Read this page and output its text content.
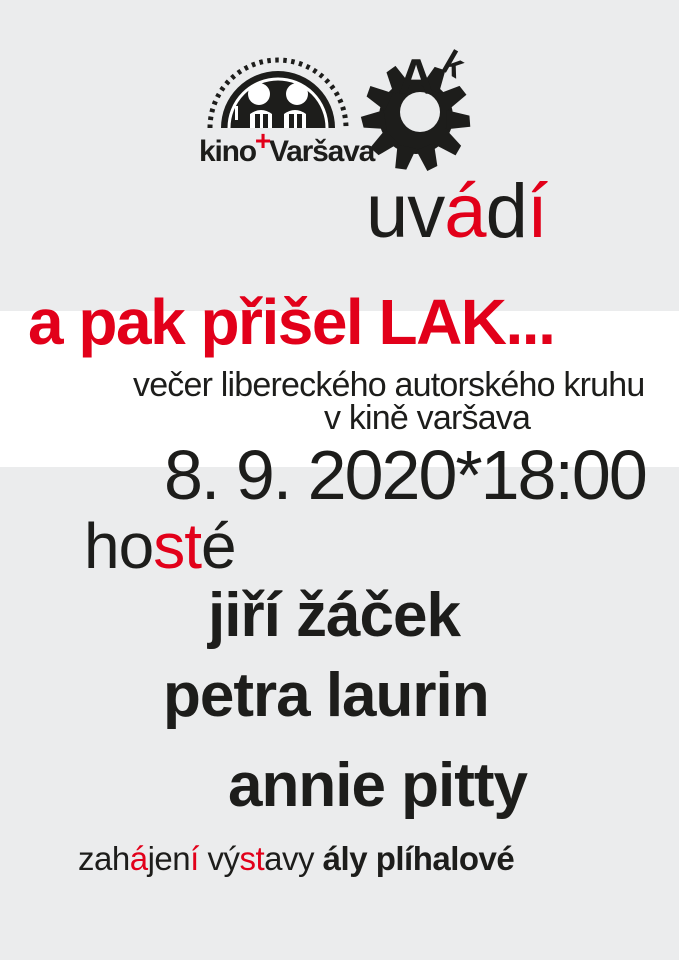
A k
kino+Varšava
uvádí
a pak přišel LAK...
večer libereckého autorského kruhu
v kině varšava
8. 9. 2020*18:00
hosté
jiří žáček
petra laurin
annie pitty
zahájení výstavy ály plíhalové
